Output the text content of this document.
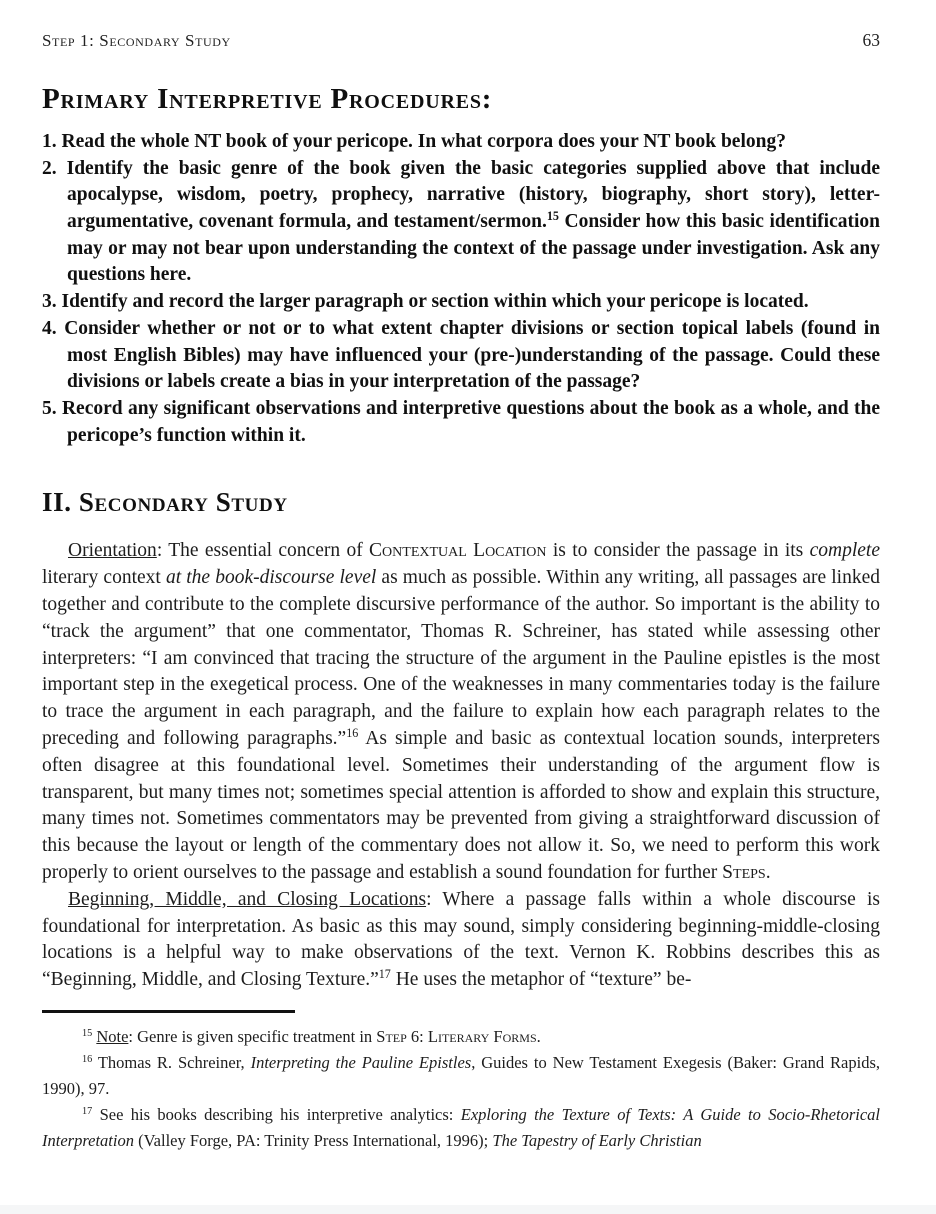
Step 1: Secondary Study	63
Primary Interpretive Procedures:
1. Read the whole NT book of your pericope. In what corpora does your NT book belong?
2. Identify the basic genre of the book given the basic categories supplied above that include apocalypse, wisdom, poetry, prophecy, narrative (history, biography, short story), letter-argumentative, covenant formula, and testament/sermon.$^{15}$ Consider how this basic identification may or may not bear upon understanding the context of the passage under investigation. Ask any questions here.
3. Identify and record the larger paragraph or section within which your pericope is located.
4. Consider whether or not or to what extent chapter divisions or section topical labels (found in most English Bibles) may have influenced your (pre-)understanding of the passage. Could these divisions or labels create a bias in your interpretation of the passage?
5. Record any significant observations and interpretive questions about the book as a whole, and the pericope’s function within it.
II. Secondary Study
Orientation: The essential concern of Contextual Location is to consider the passage in its complete literary context at the book-discourse level as much as possible. Within any writing, all passages are linked together and contribute to the complete discursive performance of the author. So important is the ability to “track the argument” that one commentator, Thomas R. Schreiner, has stated while assessing other interpreters: “I am convinced that tracing the structure of the argument in the Pauline epistles is the most important step in the exegetical process. One of the weaknesses in many commentaries today is the failure to trace the argument in each paragraph, and the failure to explain how each paragraph relates to the preceding and following paragraphs.”$^{16}$ As simple and basic as contextual location sounds, interpreters often disagree at this foundational level. Sometimes their understanding of the argument flow is transparent, but many times not; sometimes special attention is afforded to show and explain this structure, many times not. Sometimes commentators may be prevented from giving a straightforward discussion of this because the layout or length of the commentary does not allow it. So, we need to perform this work properly to orient ourselves to the passage and establish a sound foundation for further Steps.
Beginning, Middle, and Closing Locations: Where a passage falls within a whole discourse is foundational for interpretation. As basic as this may sound, simply considering beginning-middle-closing locations is a helpful way to make observations of the text. Vernon K. Robbins describes this as “Beginning, Middle, and Closing Texture.”$^{17}$ He uses the metaphor of “texture” be-
$^{15}$ Note: Genre is given specific treatment in Step 6: Literary Forms.
$^{16}$ Thomas R. Schreiner, Interpreting the Pauline Epistles, Guides to New Testament Exegesis (Baker: Grand Rapids, 1990), 97.
$^{17}$ See his books describing his interpretive analytics: Exploring the Texture of Texts: A Guide to Socio-Rhetorical Interpretation (Valley Forge, PA: Trinity Press International, 1996); The Tapestry of Early Christian
